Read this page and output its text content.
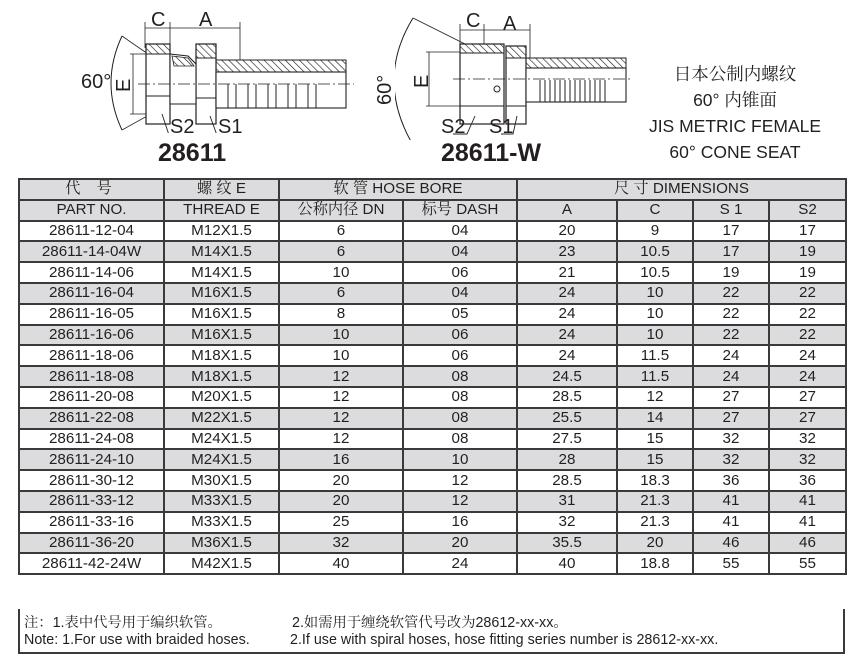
C A
60° E
S2 S1
28611
C A
60° E
S2 S1
28611-W
日本公制内螺纹
60° 内锥面
JIS METRIC FEMALE
60° CONE SEAT
代 号	螺 纹 E	软 管 HOSE BORE		尺 寸 DIMENSIONS			
PART NO.	THREAD E	公称内径 DN	标号 DASH	A	C	S 1	S2
28611-12-04	M12X1.5	6	04	20	9	17	17
28611-14-04W	M14X1.5	6	04	23	10.5	17	19
28611-14-06	M14X1.5	10	06	21	10.5	19	19
28611-16-04	M16X1.5	6	04	24	10	22	22
28611-16-05	M16X1.5	8	05	24	10	22	22
28611-16-06	M16X1.5	10	06	24	10	22	22
28611-18-06	M18X1.5	10	06	24	11.5	24	24
28611-18-08	M18X1.5	12	08	24.5	11.5	24	24
28611-20-08	M20X1.5	12	08	28.5	12	27	27
28611-22-08	M22X1.5	12	08	25.5	14	27	27
28611-24-08	M24X1.5	12	08	27.5	15	32	32
28611-24-10	M24X1.5	16	10	28	15	32	32
28611-30-12	M30X1.5	20	12	28.5	18.3	36	36
28611-33-12	M33X1.5	20	12	31	21.3	41	41
28611-33-16	M33X1.5	25	16	32	21.3	41	41
28611-36-20	M36X1.5	32	20	35.5	20	46	46
28611-42-24W	M42X1.5	40	24	40	18.8	55	55
注：1.表中代号用于编织软管。	2.如需用于缠绕软管代号改为28612-xx-xx。
Note: 1.For use with braided hoses.	2.If use with spiral hoses, hose fitting series number is 28612-xx-xx.
